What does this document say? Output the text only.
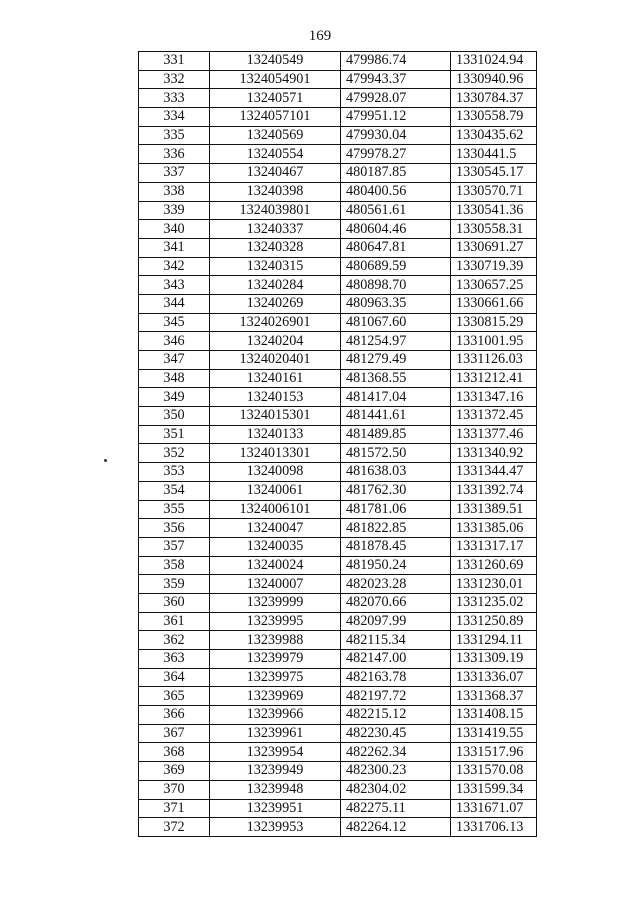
169
331	13240549	479986.74	1331024.94
332	1324054901	479943.37	1330940.96
333	13240571	479928.07	1330784.37
334	1324057101	479951.12	1330558.79
335	13240569	479930.04	1330435.62
336	13240554	479978.27	1330441.5
337	13240467	480187.85	1330545.17
338	13240398	480400.56	1330570.71
339	1324039801	480561.61	1330541.36
340	13240337	480604.46	1330558.31
341	13240328	480647.81	1330691.27
342	13240315	480689.59	1330719.39
343	13240284	480898.70	1330657.25
344	13240269	480963.35	1330661.66
345	1324026901	481067.60	1330815.29
346	13240204	481254.97	1331001.95
347	1324020401	481279.49	1331126.03
348	13240161	481368.55	1331212.41
349	13240153	481417.04	1331347.16
350	1324015301	481441.61	1331372.45
351	13240133	481489.85	1331377.46
352	1324013301	481572.50	1331340.92
353	13240098	481638.03	1331344.47
354	13240061	481762.30	1331392.74
355	1324006101	481781.06	1331389.51
356	13240047	481822.85	1331385.06
357	13240035	481878.45	1331317.17
358	13240024	481950.24	1331260.69
359	13240007	482023.28	1331230.01
360	13239999	482070.66	1331235.02
361	13239995	482097.99	1331250.89
362	13239988	482115.34	1331294.11
363	13239979	482147.00	1331309.19
364	13239975	482163.78	1331336.07
365	13239969	482197.72	1331368.37
366	13239966	482215.12	1331408.15
367	13239961	482230.45	1331419.55
368	13239954	482262.34	1331517.96
369	13239949	482300.23	1331570.08
370	13239948	482304.02	1331599.34
371	13239951	482275.11	1331671.07
372	13239953	482264.12	1331706.13
